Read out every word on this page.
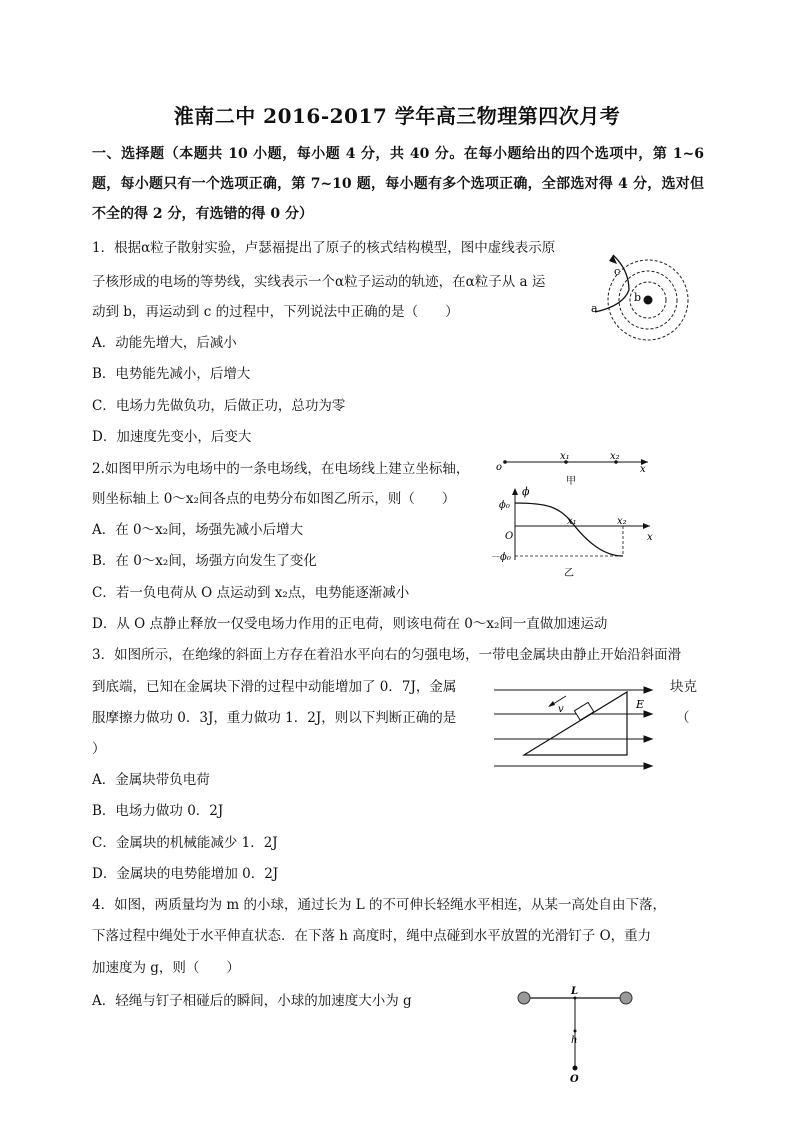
淮南二中 2016-2017 学年高三物理第四次月考
一、选择题（本题共 10 小题，每小题 4 分，共 40 分。在每小题给出的四个选项中，第 1~6 题，每小题只有一个选项正确，第 7~10 题，每小题有多个选项正确，全部选对得 4 分，选对但不全的得 2 分，有选错的得 0 分）
1．根据α粒子散射实验，卢瑟福提出了原子的核式结构模型，图中虚线表示原
子核形成的电场的等势线，实线表示一个α粒子运动的轨迹，在α粒子从 a 运
动到 b，再运动到 c 的过程中，下列说法中正确的是（　　）
A．动能先增大，后减小
B．电势能先减小，后增大
C．电场力先做负功，后做正功，总功为零
D．加速度先变小，后变大
a
b
c
2.如图甲所示为电场中的一条电场线，在电场线上建立坐标轴，
则坐标轴上 0～x₂间各点的电势分布如图乙所示，则（　　）
A．在 0～x₂间，场强先减小后增大
B．在 0～x₂间，场强方向发生了变化
C．若一负电荷从 O 点运动到 x₂点，电势能逐渐减小
D．从 O 点静止释放一仅受电场力作用的正电荷，则该电荷在 0～x₂间一直做加速运动
o
x₁	x₂
x
甲
ϕ
ϕ₀
O
x₁	x₂
x
－ϕ₀
乙
3．如图所示，在绝缘的斜面上方存在着沿水平向右的匀强电场，一带电金属块由静止开始沿斜面滑
到底端，已知在金属块下滑的过程中动能增加了 0．7J，金属	块克
服摩擦力做功 0．3J，重力做功 1．2J，则以下判断正确的是	（
）
A．金属块带负电荷
B．电场力做功 0．2J
C．金属块的机械能减少 1．2J
D．金属块的电势能增加 0．2J
v	E
4．如图，两质量均为 m 的小球，通过长为 L 的不可伸长轻绳水平相连，从某一高处自由下落，
下落过程中绳处于水平伸直状态．在下落 h 高度时，绳中点碰到水平放置的光滑钉子 O，重力
加速度为 g，则（　　）
A．轻绳与钉子相碰后的瞬间，小球的加速度大小为 g
L
h
O
